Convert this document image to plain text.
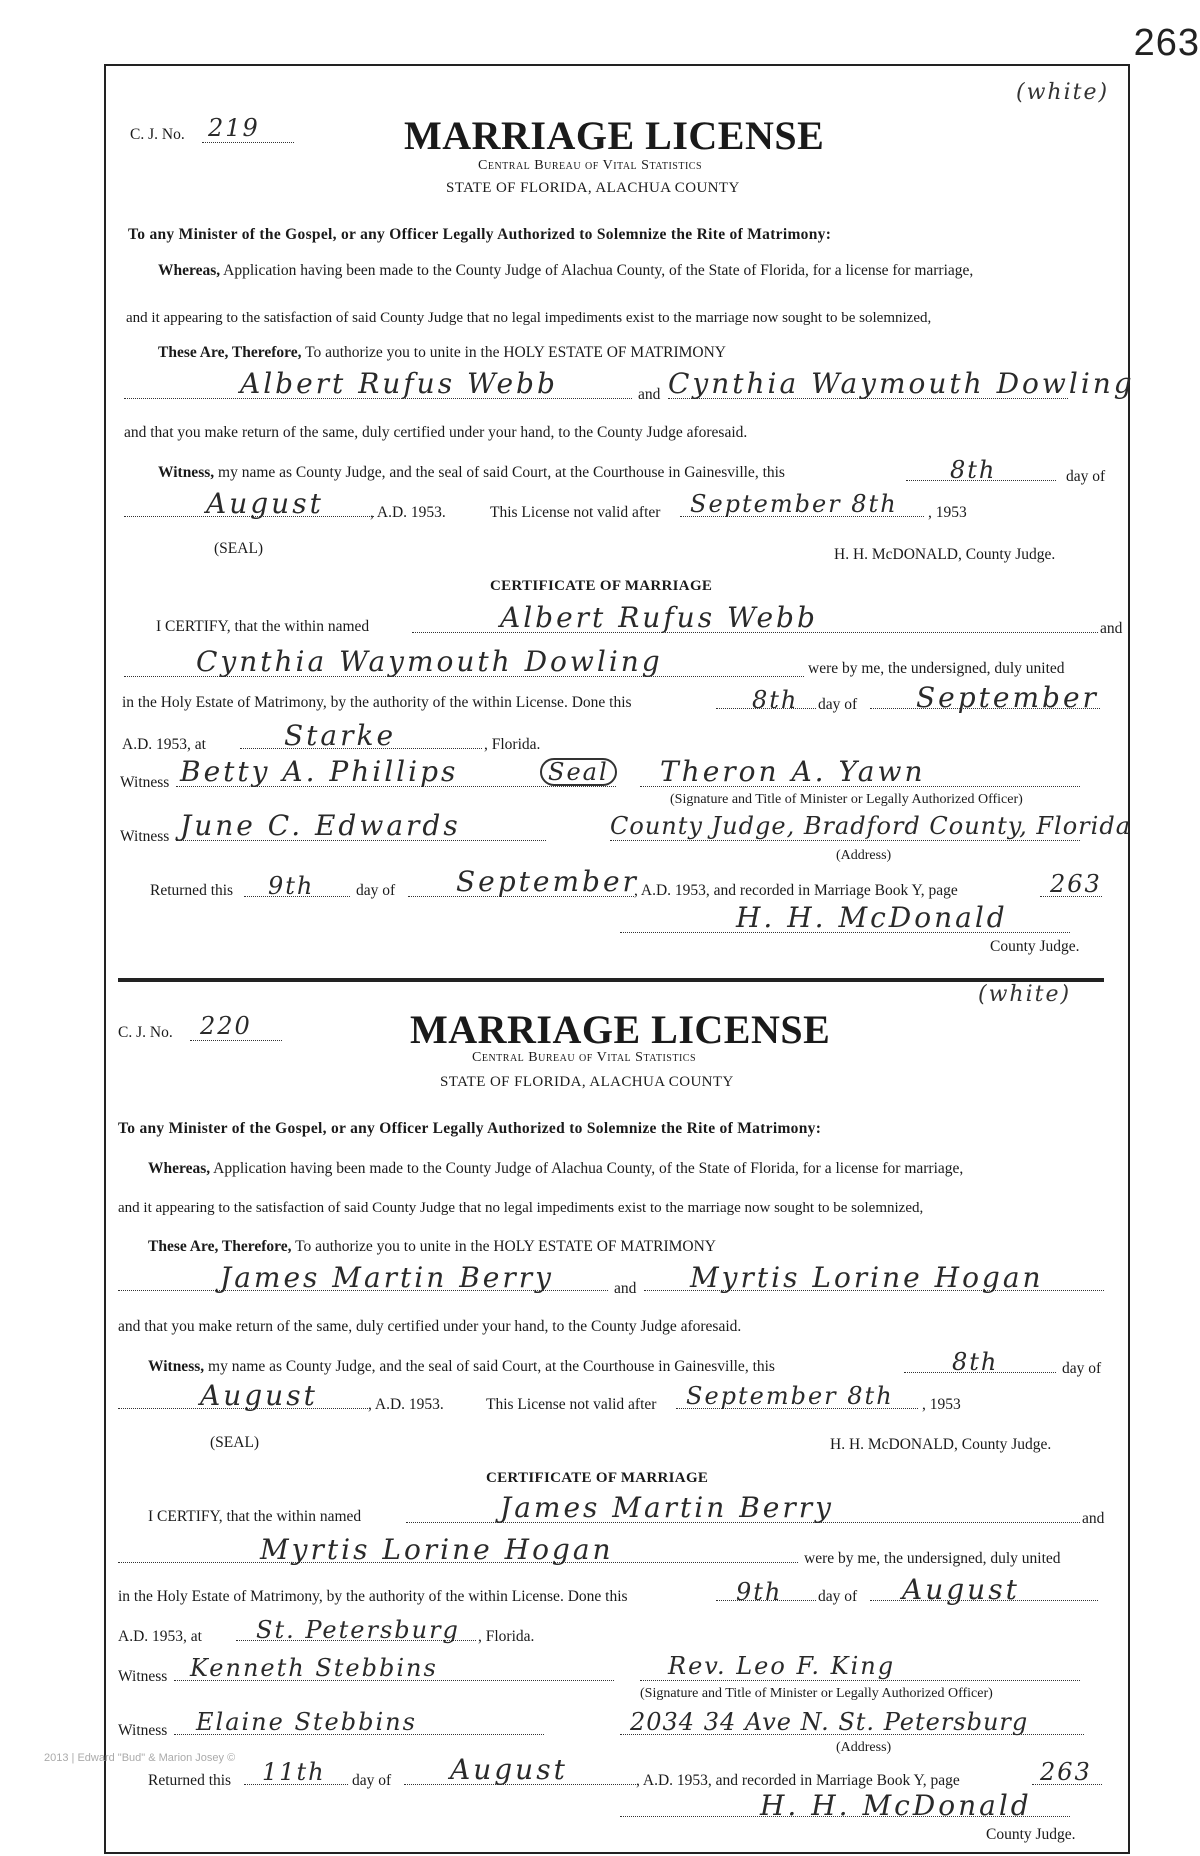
263
2013 | Edward "Bud" & Marion Josey ©
(white)
C. J. No. 219	MARRIAGE LICENSE
Central Bureau of Vital Statistics
STATE OF FLORIDA, ALACHUA COUNTY
To any Minister of the Gospel, or any Officer Legally Authorized to Solemnize the Rite of Matrimony:
Whereas, Application having been made to the County Judge of Alachua County, of the State of Florida, for a license for marriage,
and it appearing to the satisfaction of said County Judge that no legal impediments exist to the marriage now sought to be solemnized,
These Are, Therefore, To authorize you to unite in the HOLY ESTATE OF MATRIMONY
Albert Rufus Webb	and Cynthia Waymouth Dowling
and that you make return of the same, duly certified under your hand, to the County Judge aforesaid.
Witness, my name as County Judge, and the seal of said Court, at the Courthouse in Gainesville, this	8th	day of
August	, A.D. 1953.	This License not valid after September 8th , 1953
(SEAL)	H. H. McDONALD, County Judge.
CERTIFICATE OF MARRIAGE
I CERTIFY, that the within named	Albert Rufus Webb	and
Cynthia Waymouth Dowling	were by me, the undersigned, duly united
in the Holy Estate of Matrimony, by the authority of the within License. Done this	8th day of September
A.D. 1953, at	Starke	, Florida.
Witness Betty A. Phillips	Seal Theron A. Yawn
(Signature and Title of Minister or Legally Authorized Officer)
Witness June C. Edwards	County Judge, Bradford County, Florida
(Address)
Returned this 9th	day of September
, A.D. 1953, and recorded in Marriage Book Y, page	263
H. H. McDonald
County Judge.
(white)
C. J. No. 220	MARRIAGE LICENSE
Central Bureau of Vital Statistics
STATE OF FLORIDA, ALACHUA COUNTY
To any Minister of the Gospel, or any Officer Legally Authorized to Solemnize the Rite of Matrimony:
Whereas, Application having been made to the County Judge of Alachua County, of the State of Florida, for a license for marriage,
and it appearing to the satisfaction of said County Judge that no legal impediments exist to the marriage now sought to be solemnized,
These Are, Therefore, To authorize you to unite in the HOLY ESTATE OF MATRIMONY
James Martin Berry	and Myrtis Lorine Hogan
and that you make return of the same, duly certified under your hand, to the County Judge aforesaid.
Witness, my name as County Judge, and the seal of said Court, at the Courthouse in Gainesville, this	8th	day of
August	, A.D. 1953.	This License not valid after September 8th , 1953
(SEAL)	H. H. McDONALD, County Judge.
CERTIFICATE OF MARRIAGE
I CERTIFY, that the within named	James Martin Berry	and
Myrtis Lorine Hogan	were by me, the undersigned, duly united
in the Holy Estate of Matrimony, by the authority of the within License. Done this	9th day of August
A.D. 1953, at St. Petersburg , Florida.
Witness Kenneth Stebbins	Rev. Leo F. King
(Signature and Title of Minister or Legally Authorized Officer)
Witness Elaine Stebbins	2034 34 Ave N. St. Petersburg
(Address)
Returned this 11th day of August	, A.D. 1953, and recorded in Marriage Book Y, page	263
H. H. McDonald
County Judge.
